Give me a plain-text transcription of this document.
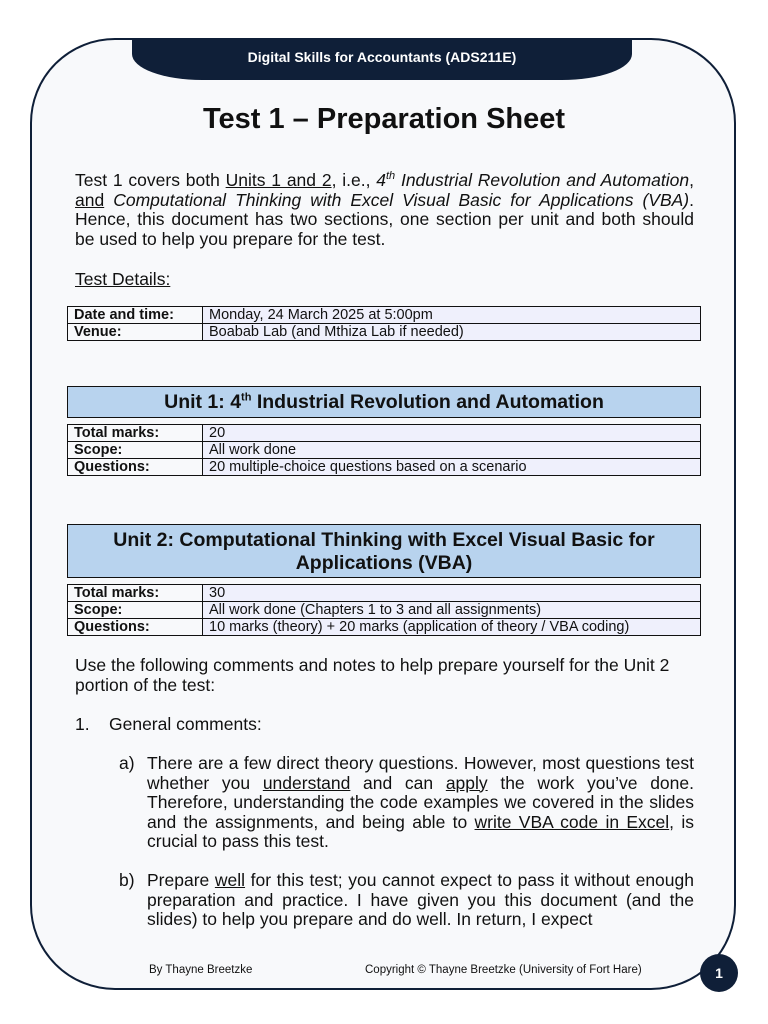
Digital Skills for Accountants (ADS211E)
Test 1 – Preparation Sheet

Test 1 covers both Units 1 and 2, i.e., 4th Industrial Revolution and Automation, and Computational Thinking with Excel Visual Basic for Applications (VBA). Hence, this document has two sections, one section per unit and both should be used to help you prepare for the test.

Test Details:
Date and time:	Monday, 24 March 2025 at 5:00pm
Venue:	Boabab Lab (and Mthiza Lab if needed)
Unit 1: 4th Industrial Revolution and Automation
Total marks:	20
Scope:	All work done
Questions:	20 multiple-choice questions based on a scenario
Unit 2: Computational Thinking with Excel Visual Basic for
Applications (VBA)
Total marks:	30
Scope:	All work done (Chapters 1 to 3 and all assignments)
Questions:	10 marks (theory) + 20 marks (application of theory / VBA coding)

Use the following comments and notes to help prepare yourself for the Unit 2 portion of the test:

1. General comments:
a) There are a few direct theory questions. However, most questions test whether you understand and can apply the work you’ve done. Therefore, understanding the code examples we covered in the slides and the assignments, and being able to write VBA code in Excel, is crucial to pass this test.
b) Prepare well for this test; you cannot expect to pass it without enough preparation and practice. I have given you this document (and the slides) to help you prepare and do well. In return, I expect
By Thayne Breetzke	Copyright © Thayne Breetzke (University of Fort Hare)	1
